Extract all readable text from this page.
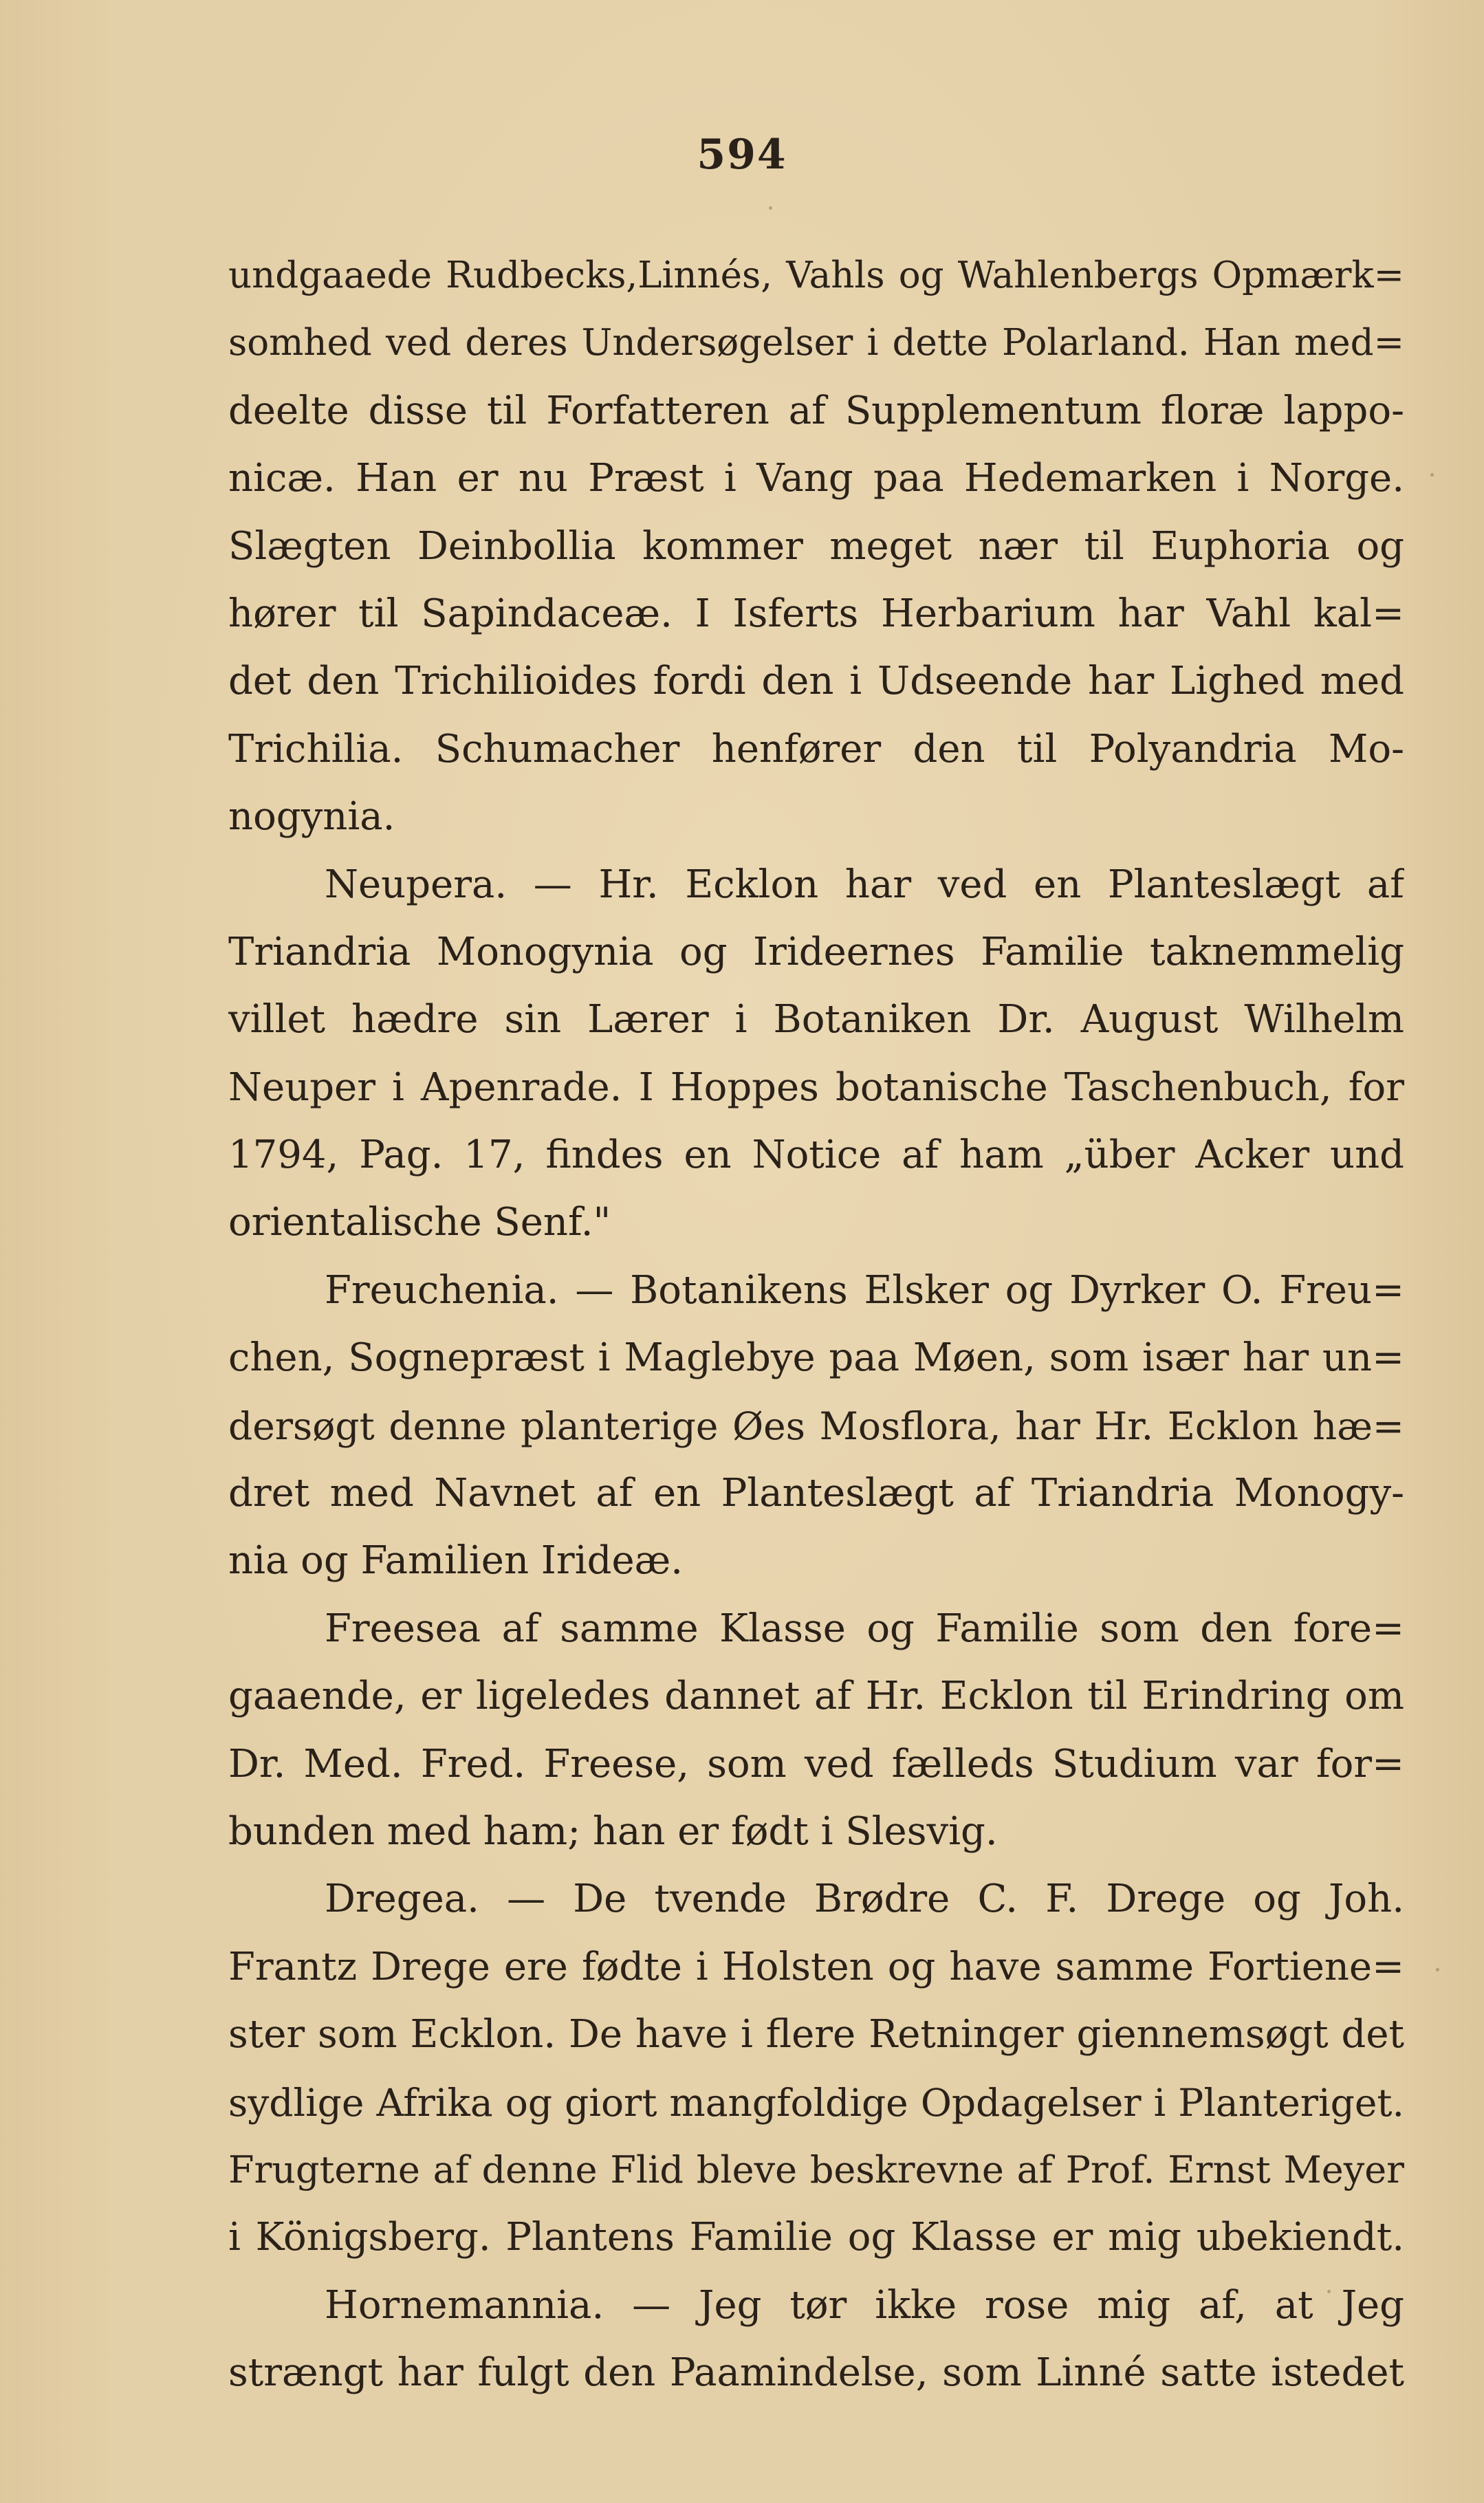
594
undgaaede Rudbecks,Linnés, Vahls og Wahlenbergs Opmærk=
somhed ved deres Undersøgelser i dette Polarland. Han med=
deelte disse til Forfatteren af Supplementum floræ lappo-
nicæ. Han er nu Præst i Vang paa Hedemarken i Norge.
Slægten Deinbollia kommer meget nær til Euphoria og
hører til Sapindaceæ. I Isferts Herbarium har Vahl kal=
det den Trichilioides fordi den i Udseende har Lighed med
Trichilia. Schumacher henfører den til Polyandria Mo-
nogynia.
Neupera. — Hr. Ecklon har ved en Planteslægt af
Triandria Monogynia og Irideernes Familie taknemmelig
villet hædre sin Lærer i Botaniken Dr. August Wilhelm
Neuper i Apenrade. I Hoppes botanische Taschenbuch, for
1794, Pag. 17, findes en Notice af ham „über Acker und
orientalische Senf."
Freuchenia. — Botanikens Elsker og Dyrker O. Freu=
chen, Sognepræst i Maglebye paa Møen, som især har un=
dersøgt denne planterige Øes Mosflora, har Hr. Ecklon hæ=
dret med Navnet af en Planteslægt af Triandria Monogy-
nia og Familien Irideæ.
Freesea af samme Klasse og Familie som den fore=
gaaende, er ligeledes dannet af Hr. Ecklon til Erindring om
Dr. Med. Fred. Freese, som ved fælleds Studium var for=
bunden med ham; han er født i Slesvig.
Dregea. — De tvende Brødre C. F. Drege og Joh.
Frantz Drege ere fødte i Holsten og have samme Fortiene=
ster som Ecklon. De have i flere Retninger giennemsøgt det
sydlige Afrika og giort mangfoldige Opdagelser i Planteriget.
Frugterne af denne Flid bleve beskrevne af Prof. Ernst Meyer
i Königsberg. Plantens Familie og Klasse er mig ubekiendt.
Hornemannia. — Jeg tør ikke rose mig af, at Jeg
strængt har fulgt den Paamindelse, som Linné satte istedet
